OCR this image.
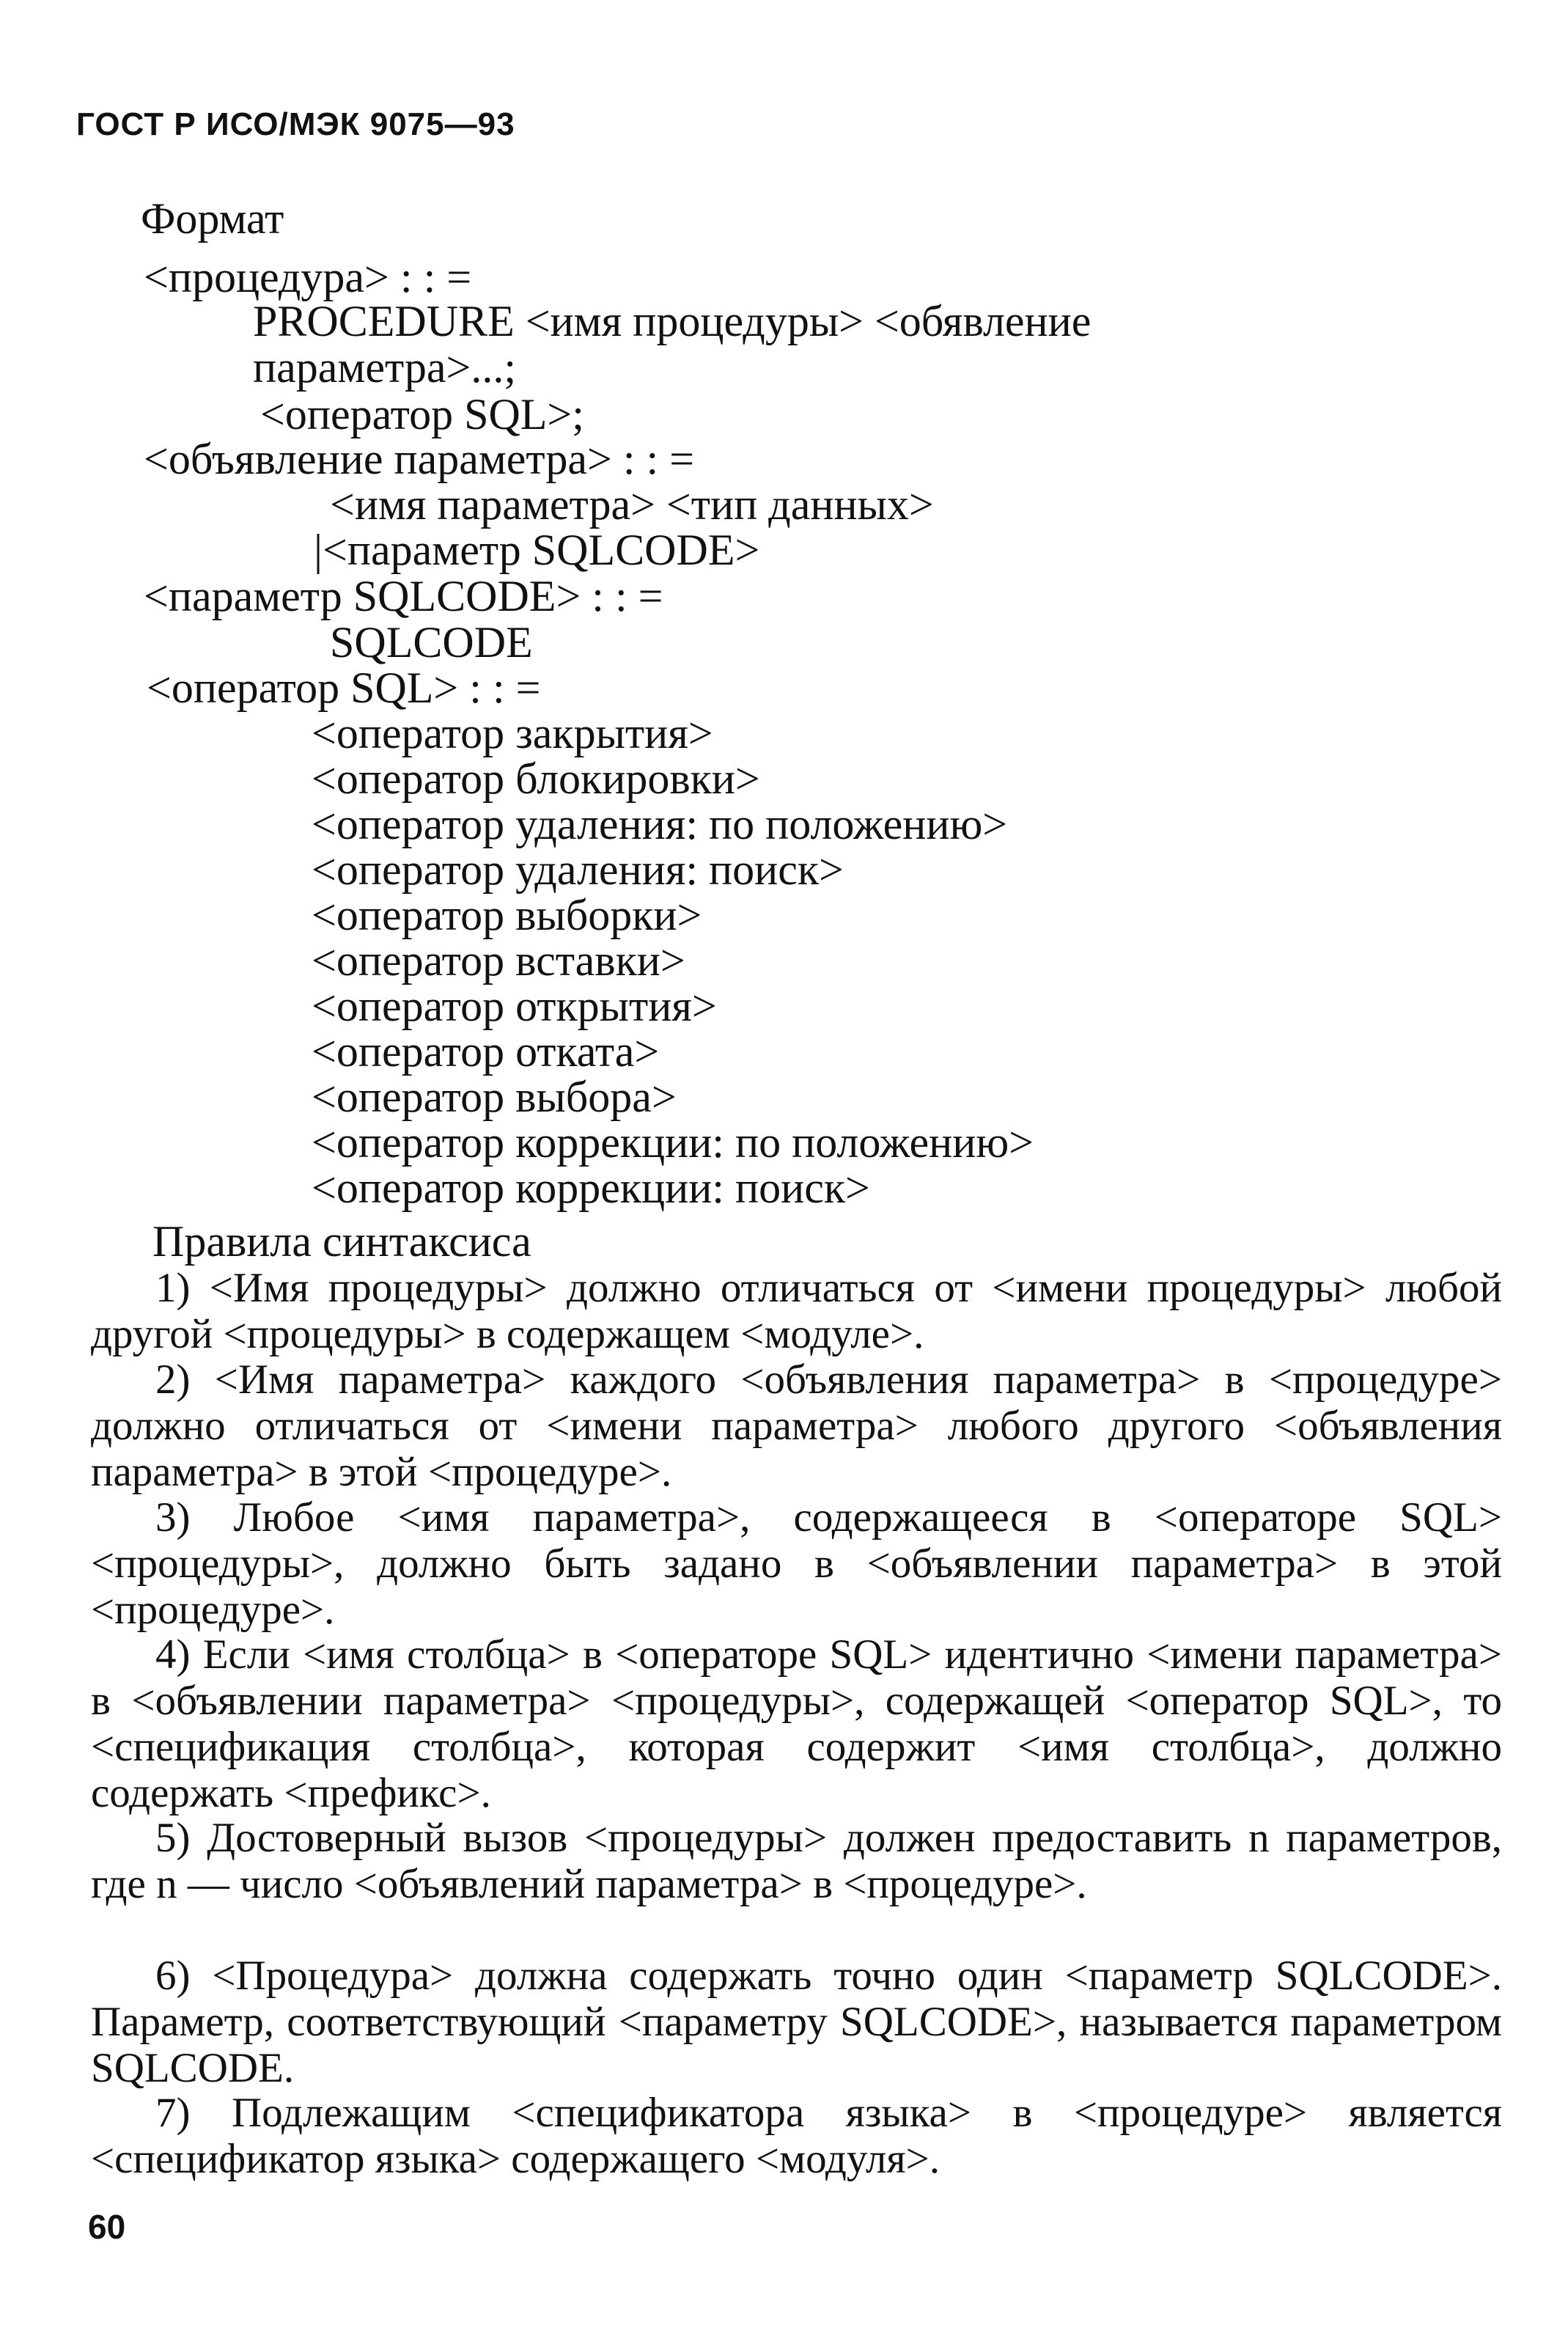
ГОСТ Р ИСО/МЭК 9075—93
Формат
<процедура> : : =
PROCEDURE <имя процедуры> <обявление
параметра>...;
<оператор SQL>;
<объявление параметра> : : =
<имя параметра> <тип данных>
|<параметр SQLCODE>
<параметр SQLCODE> : : =
SQLCODE
<оператор SQL> : : =
<оператор закрытия>
<оператор блокировки>
<оператор удаления: по положению>
<оператор удаления: поиск>
<оператор выборки>
<оператор вставки>
<оператор открытия>
<оператор отката>
<оператор выбора>
<оператор коррекции: по положению>
<оператор коррекции: поиск>
Правила синтаксиса
1) <Имя процедуры> должно отличаться от <имени процедуры> любой другой <процедуры> в содержащем <модуле>.
2) <Имя параметра> каждого <объявления параметра> в <процедуре> должно отличаться от <имени параметра> любого другого <объявления параметра> в этой <процедуре>.
3) Любое <имя параметра>, содержащееся в <операторе SQL> <процедуры>, должно быть задано в <объявлении параметра> в этой <процедуре>.
4) Если <имя столбца> в <операторе SQL> идентично <имени параметра> в <объявлении параметра> <процедуры>, содержащей <оператор SQL>, то <спецификация столбца>, которая содержит <имя столбца>, должно содержать <префикс>.
5) Достоверный вызов <процедуры> должен предоставить n параметров, где n — число <объявлений параметра> в <процедуре>.
6) <Процедура> должна содержать точно один <параметр SQLCODE>. Параметр, соответствующий <параметру SQLCODE>, называется параметром SQLCODE.
7) Подлежащим <спецификатора языка> в <процедуре> является <спецификатор языка> содержащего <модуля>.
60
